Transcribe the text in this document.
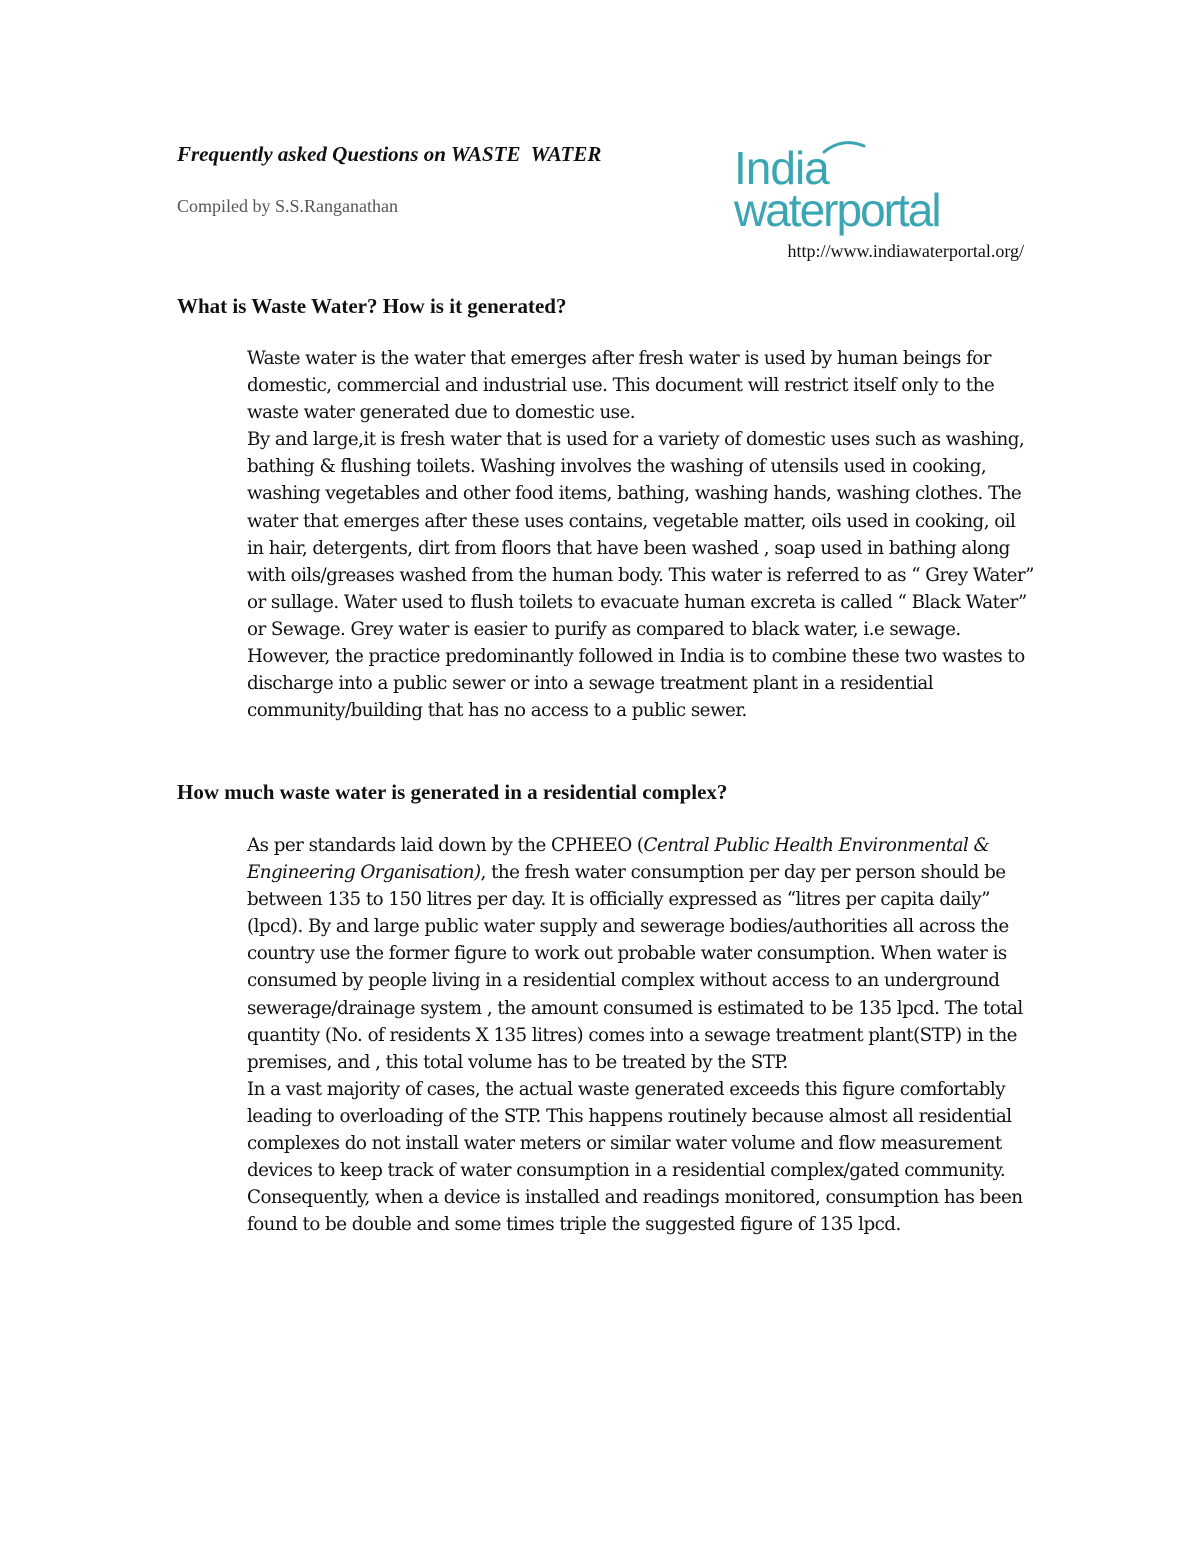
Frequently asked Questions on WASTE  WATER

Compiled by S.S.Ranganathan

India
waterportal

http://www.indiawaterportal.org/

What is Waste Water? How is it generated?

Waste water is the water that emerges after fresh water is used by human beings for domestic, commercial and industrial use. This document will restrict itself only to the waste water generated due to domestic use.

By and large,it is fresh water that is used for a variety of domestic uses such as washing, bathing & flushing toilets. Washing involves the washing of utensils used in cooking, washing vegetables and other food items, bathing, washing hands, washing clothes. The water that emerges after these uses contains, vegetable matter, oils used in cooking, oil in hair, detergents, dirt from floors that have been washed , soap used in bathing along with oils/greases washed from the human body. This water is referred to as “ Grey Water” or sullage. Water used to flush toilets to evacuate human excreta is called “ Black Water” or Sewage. Grey water is easier to purify as compared to black water, i.e sewage. However, the practice predominantly followed in India is to combine these two wastes to discharge into a public sewer or into a sewage treatment plant in a residential community/building that has no access to a public sewer.

How much waste water is generated in a residential complex?

As per standards laid down by the CPHEEO (Central Public Health Environmental & Engineering Organisation), the fresh water consumption per day per person should be between 135 to 150 litres per day. It is officially expressed as “litres per capita daily” (lpcd). By and large public water supply and sewerage bodies/authorities all across the country use the former figure to work out probable water consumption. When water is consumed by people living in a residential complex without access to an underground sewerage/drainage system , the amount consumed is estimated to be 135 lpcd. The total quantity (No. of residents X 135 litres) comes into a sewage treatment plant(STP) in the premises, and , this total volume has to be treated by the STP.

In a vast majority of cases, the actual waste generated exceeds this figure comfortably leading to overloading of the STP. This happens routinely because almost all residential complexes do not install water meters or similar water volume and flow measurement devices to keep track of water consumption in a residential complex/gated community. Consequently, when a device is installed and readings monitored, consumption has been found to be double and some times triple the suggested figure of 135 lpcd.
